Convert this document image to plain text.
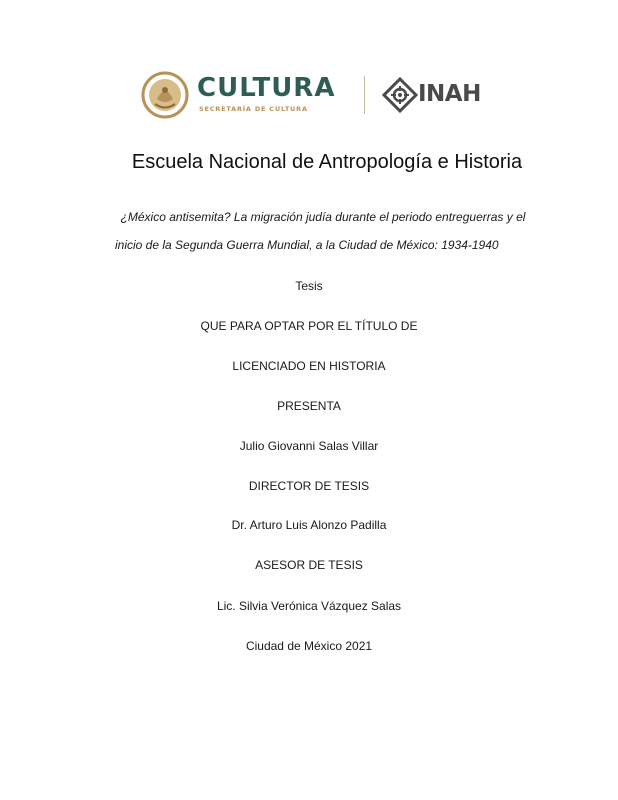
CULTURA
SECRETARÍA DE CULTURA
INAH
Escuela Nacional de Antropología e Historia
¿México antisemita? La migración judía durante el periodo entreguerras y el
inicio de la Segunda Guerra Mundial, a la Ciudad de México: 1934-1940
Tesis
QUE PARA OPTAR POR EL TÍTULO DE
LICENCIADO EN HISTORIA
PRESENTA
Julio Giovanni Salas Villar
DIRECTOR DE TESIS
Dr. Arturo Luis Alonzo Padilla
ASESOR DE TESIS
Lic. Silvia Verónica Vázquez Salas
Ciudad de México 2021
